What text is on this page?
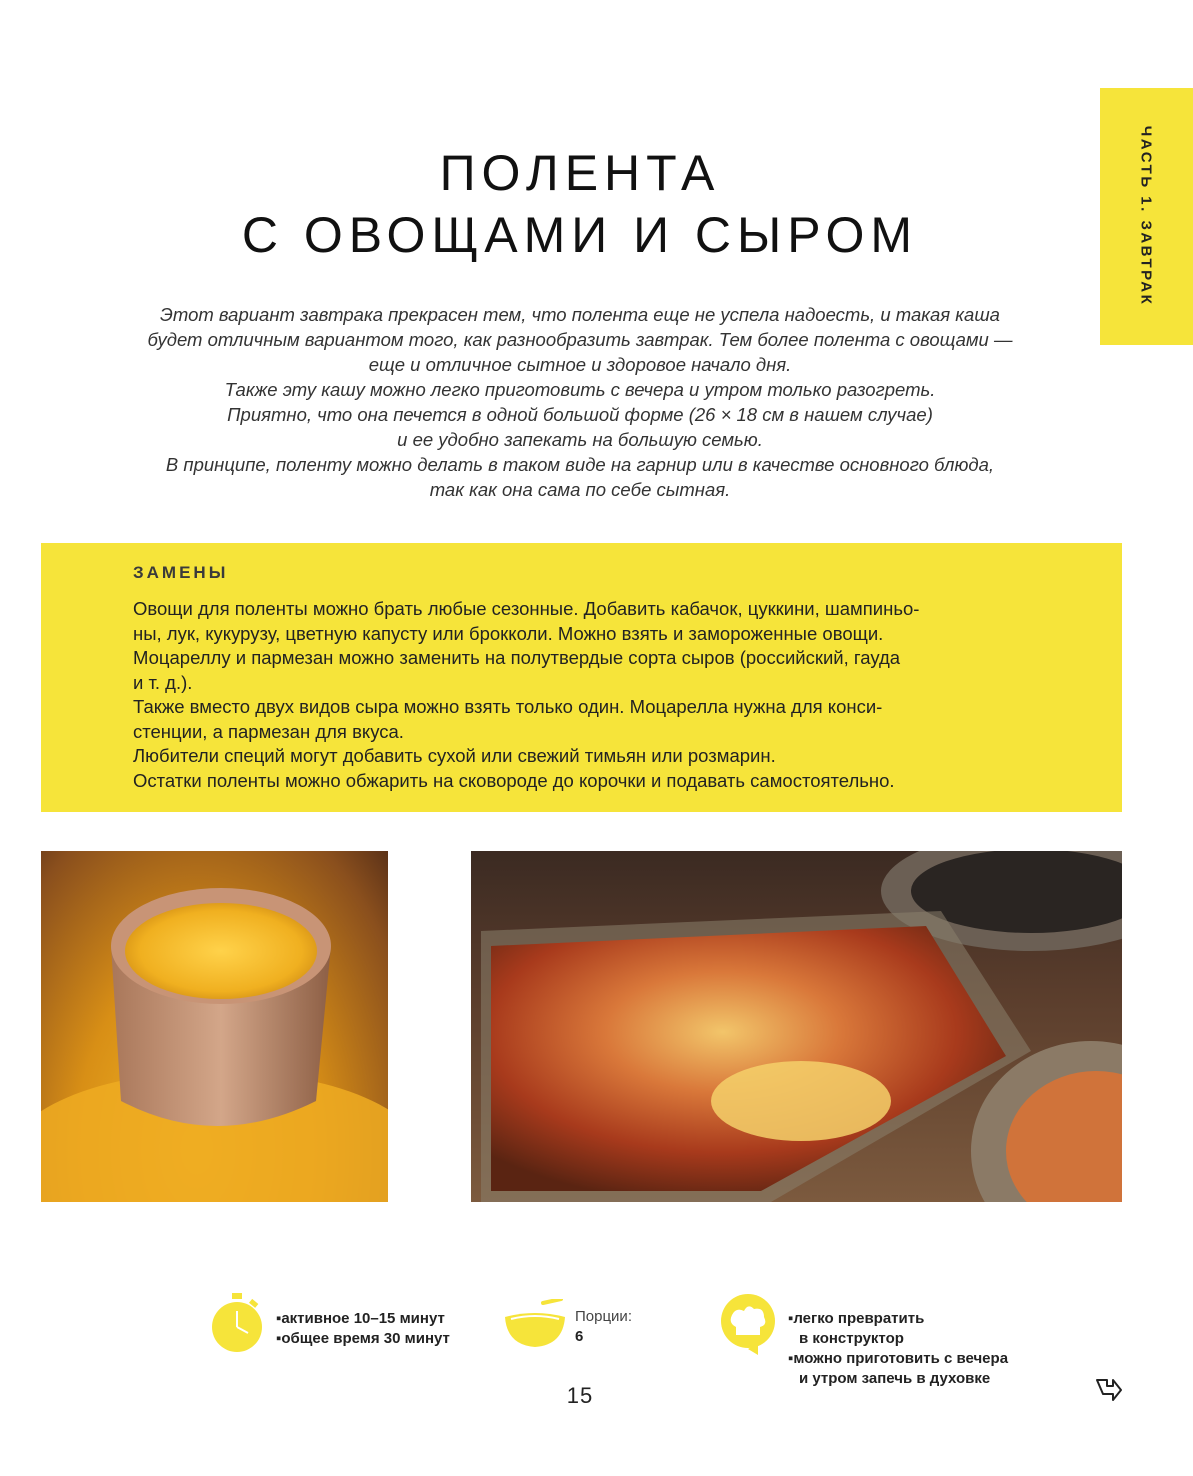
ЧАСТЬ 1. ЗАВТРАК
ПОЛЕНТА
С ОВОЩАМИ И СЫРОМ
Этот вариант завтрака прекрасен тем, что полента еще не успела надоесть, и такая каша
будет отличным вариантом того, как разнообразить завтрак. Тем более полента с овощами —
еще и отличное сытное и здоровое начало дня.
Также эту кашу можно легко приготовить с вечера и утром только разогреть.
Приятно, что она печется в одной большой форме (26 × 18 см в нашем случае)
и ее удобно запекать на большую семью.
В принципе, поленту можно делать в таком виде на гарнир или в качестве основного блюда,
так как она сама по себе сытная.
ЗАМЕНЫ
Овощи для поленты можно брать любые сезонные. Добавить кабачок, цуккини, шампиньо-
ны, лук, кукурузу, цветную капусту или брокколи. Можно взять и замороженные овощи.
Моцареллу и пармезан можно заменить на полутвердые сорта сыров (российский, гауда
и т. д.).
Также вместо двух видов сыра можно взять только один. Моцарелла нужна для конси-
стенции, а пармезан для вкуса.
Любители специй могут добавить сухой или свежий тимьян или розмарин.
Остатки поленты можно обжарить на сковороде до корочки и подавать самостоятельно.
▪активное 10–15 минут
▪общее время 30 минут
Порции:
6
▪легко превратить
в конструктор
▪можно приготовить с вечера
и утром запечь в духовке
15
